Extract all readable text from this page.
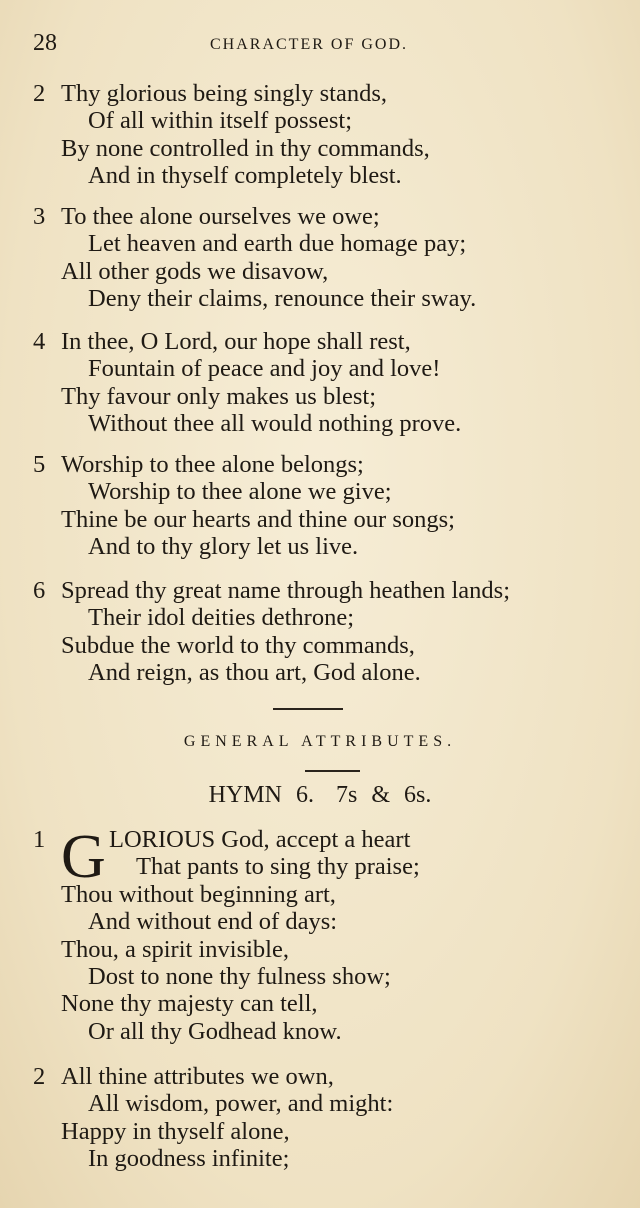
28	CHARACTER OF GOD.
2 Thy glorious being singly stands,
Of all within itself possest;
By none controlled in thy commands,
And in thyself completely blest.
3 To thee alone ourselves we owe;
Let heaven and earth due homage pay;
All other gods we disavow,
Deny their claims, renounce their sway.
4 In thee, O Lord, our hope shall rest,
Fountain of peace and joy and love!
Thy favour only makes us blest;
Without thee all would nothing prove.
5 Worship to thee alone belongs;
Worship to thee alone we give;
Thine be our hearts and thine our songs;
And to thy glory let us live.
6 Spread thy great name through heathen lands;
Their idol deities dethrone;
Subdue the world to thy commands,
And reign, as thou art, God alone.
GENERAL ATTRIBUTES.
HYMN 6. 7s & 6s.
1 G LORIOUS God, accept a heart
That pants to sing thy praise;
Thou without beginning art,
And without end of days:
Thou, a spirit invisible,
Dost to none thy fulness show;
None thy majesty can tell,
Or all thy Godhead know.
2 All thine attributes we own,
All wisdom, power, and might:
Happy in thyself alone,
In goodness infinite;
